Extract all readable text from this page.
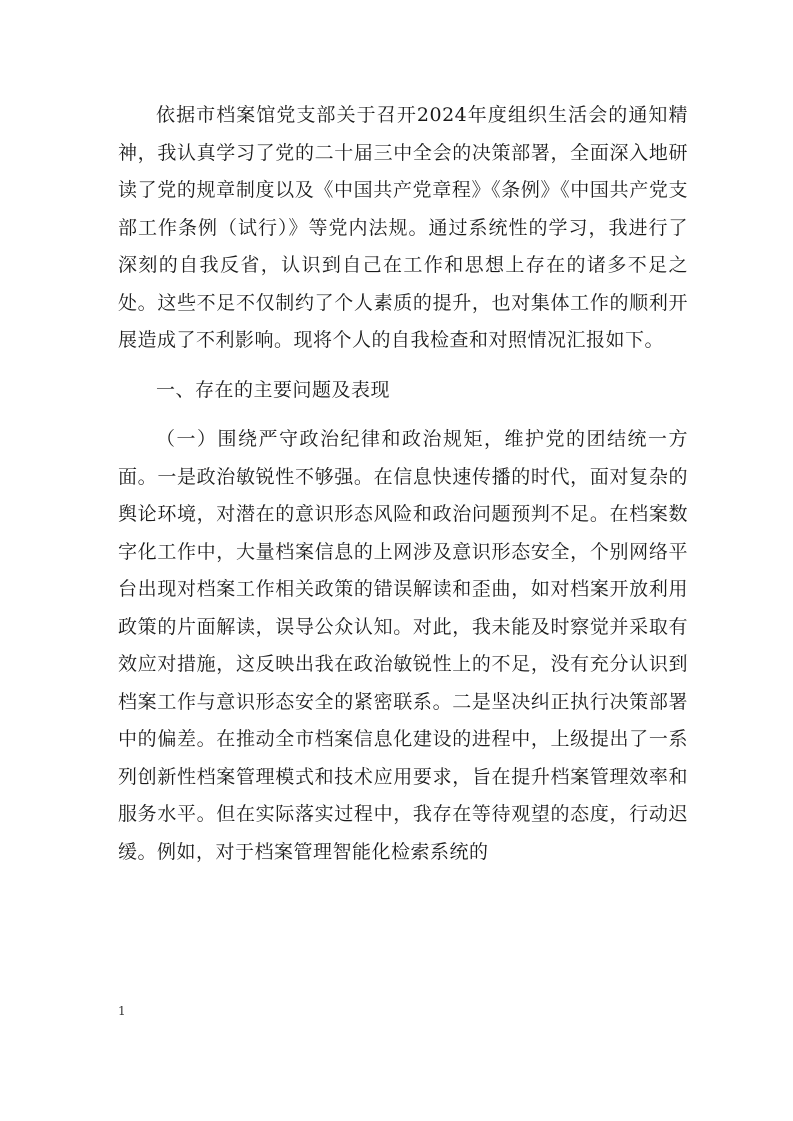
依据市档案馆党支部关于召开2024年度组织生活会的通知精神，我认真学习了党的二十届三中全会的决策部署，全面深入地研读了党的规章制度以及《中国共产党章程》《条例》《中国共产党支部工作条例（试行）》等党内法规。通过系统性的学习，我进行了深刻的自我反省，认识到自己在工作和思想上存在的诸多不足之处。这些不足不仅制约了个人素质的提升，也对集体工作的顺利开展造成了不利影响。现将个人的自我检查和对照情况汇报如下。

一、存在的主要问题及表现

（一）围绕严守政治纪律和政治规矩，维护党的团结统一方面。一是政治敏锐性不够强。在信息快速传播的时代，面对复杂的舆论环境，对潜在的意识形态风险和政治问题预判不足。在档案数字化工作中，大量档案信息的上网涉及意识形态安全，个别网络平台出现对档案工作相关政策的错误解读和歪曲，如对档案开放利用政策的片面解读，误导公众认知。对此，我未能及时察觉并采取有效应对措施，这反映出我在政治敏锐性上的不足，没有充分认识到档案工作与意识形态安全的紧密联系。二是坚决纠正执行决策部署中的偏差。在推动全市档案信息化建设的进程中，上级提出了一系列创新性档案管理模式和技术应用要求，旨在提升档案管理效率和服务水平。但在实际落实过程中，我存在等待观望的态度，行动迟缓。例如，对于档案管理智能化检索系统的

1
